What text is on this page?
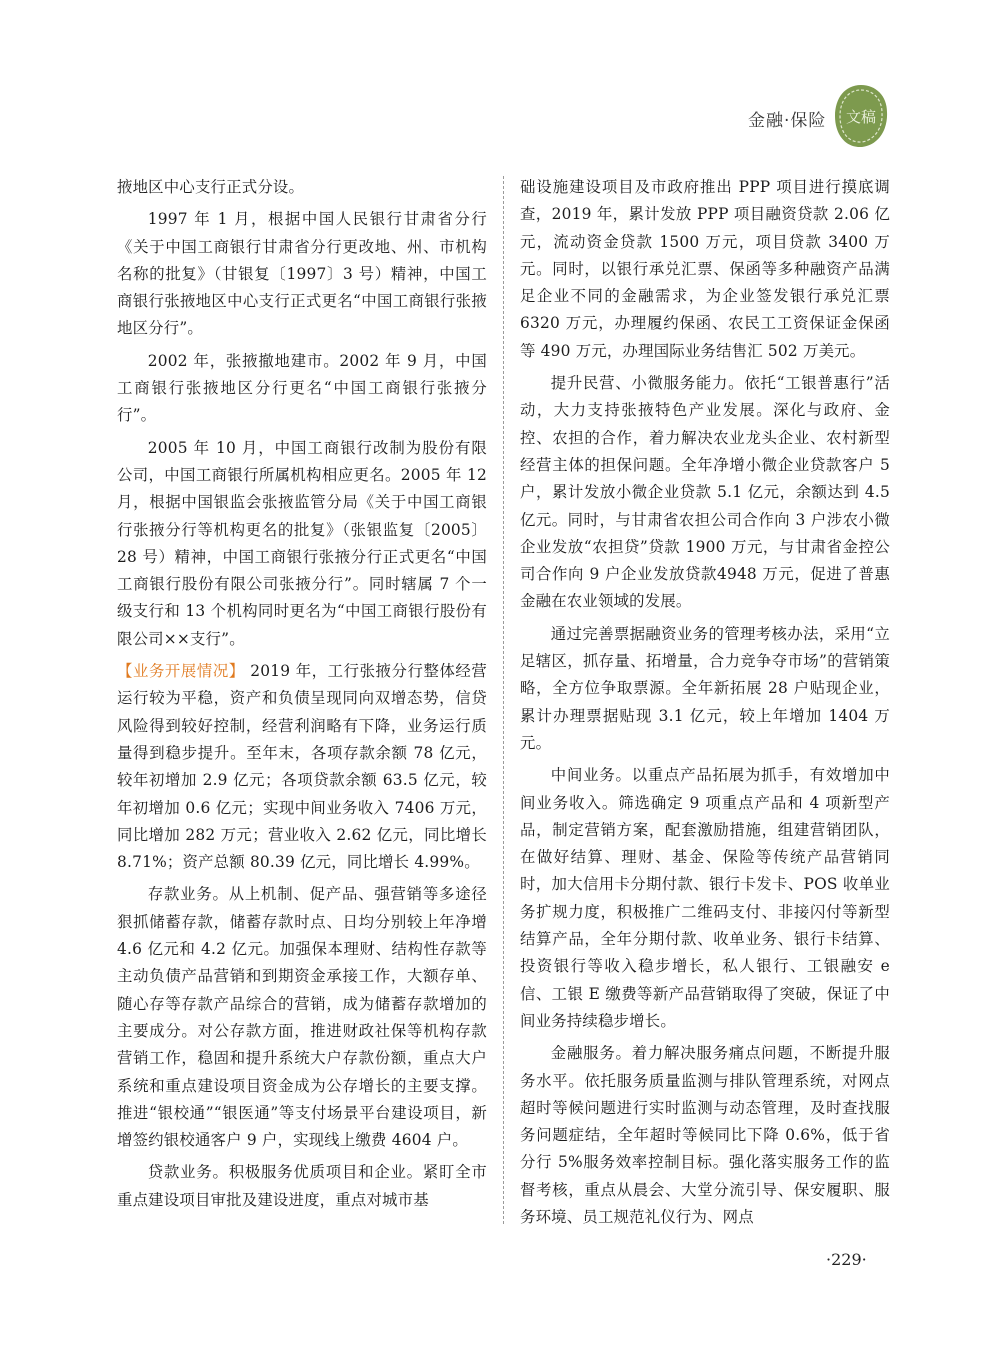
金融·保险 文稿

掖地区中心支行正式分设。

1997 年 1 月，根据中国人民银行甘肃省分行《关于中国工商银行甘肃省分行更改地、州、市机构名称的批复》（甘银复〔1997〕3 号）精神，中国工商银行张掖地区中心支行正式更名“中国工商银行张掖地区分行”。

2002 年，张掖撤地建市。2002 年 9 月，中国工商银行张掖地区分行更名“中国工商银行张掖分行”。

2005 年 10 月，中国工商银行改制为股份有限公司，中国工商银行所属机构相应更名。2005 年 12 月，根据中国银监会张掖监管分局《关于中国工商银行张掖分行等机构更名的批复》（张银监复〔2005〕28 号）精神，中国工商银行张掖分行正式更名“中国工商银行股份有限公司张掖分行”。同时辖属 7 个一级支行和 13 个机构同时更名为“中国工商银行股份有限公司××支行”。

【业务开展情况】 2019 年，工行张掖分行整体经营运行较为平稳，资产和负债呈现同向双增态势，信贷风险得到较好控制，经营利润略有下降，业务运行质量得到稳步提升。至年末，各项存款余额 78 亿元，较年初增加 2.9 亿元；各项贷款余额 63.5 亿元，较年初增加 0.6 亿元；实现中间业务收入 7406 万元，同比增加 282 万元；营业收入 2.62 亿元，同比增长 8.71%；资产总额 80.39 亿元，同比增长 4.99%。

存款业务。从上机制、促产品、强营销等多途径狠抓储蓄存款，储蓄存款时点、日均分别较上年净增 4.6 亿元和 4.2 亿元。加强保本理财、结构性存款等主动负债产品营销和到期资金承接工作，大额存单、随心存等存款产品综合的营销，成为储蓄存款增加的主要成分。对公存款方面，推进财政社保等机构存款营销工作，稳固和提升系统大户存款份额，重点大户系统和重点建设项目资金成为公存增长的主要支撑。推进“银校通”“银医通”等支付场景平台建设项目，新增签约银校通客户 9 户，实现线上缴费 4604 户。

贷款业务。积极服务优质项目和企业。紧盯全市重点建设项目审批及建设进度，重点对城市基

础设施建设项目及市政府推出 PPP 项目进行摸底调查，2019 年，累计发放 PPP 项目融资贷款 2.06 亿元，流动资金贷款 1500 万元，项目贷款 3400 万元。同时，以银行承兑汇票、保函等多种融资产品满足企业不同的金融需求，为企业签发银行承兑汇票 6320 万元，办理履约保函、农民工工资保证金保函等 490 万元，办理国际业务结售汇 502 万美元。

提升民营、小微服务能力。依托“工银普惠行”活动，大力支持张掖特色产业发展。深化与政府、金控、农担的合作，着力解决农业龙头企业、农村新型经营主体的担保问题。全年净增小微企业贷款客户 5 户，累计发放小微企业贷款 5.1 亿元，余额达到 4.5 亿元。同时，与甘肃省农担公司合作向 3 户涉农小微企业发放“农担贷”贷款 1900 万元，与甘肃省金控公司合作向 9 户企业发放贷款4948 万元，促进了普惠金融在农业领域的发展。

通过完善票据融资业务的管理考核办法，采用“立足辖区，抓存量、拓增量，合力竞争夺市场”的营销策略，全方位争取票源。全年新拓展 28 户贴现企业，累计办理票据贴现 3.1 亿元，较上年增加 1404 万元。

中间业务。以重点产品拓展为抓手，有效增加中间业务收入。筛选确定 9 项重点产品和 4 项新型产品，制定营销方案，配套激励措施，组建营销团队，在做好结算、理财、基金、保险等传统产品营销同时，加大信用卡分期付款、银行卡发卡、POS 收单业务扩规力度，积极推广二维码支付、非接闪付等新型结算产品，全年分期付款、收单业务、银行卡结算、投资银行等收入稳步增长，私人银行、工银融安 e 信、工银 E 缴费等新产品营销取得了突破，保证了中间业务持续稳步增长。

金融服务。着力解决服务痛点问题，不断提升服务水平。依托服务质量监测与排队管理系统，对网点超时等候问题进行实时监测与动态管理，及时查找服务问题症结，全年超时等候同比下降 0.6%，低于省分行 5%服务效率控制目标。强化落实服务工作的监督考核，重点从晨会、大堂分流引导、保安履职、服务环境、员工规范礼仪行为、网点

·229·
